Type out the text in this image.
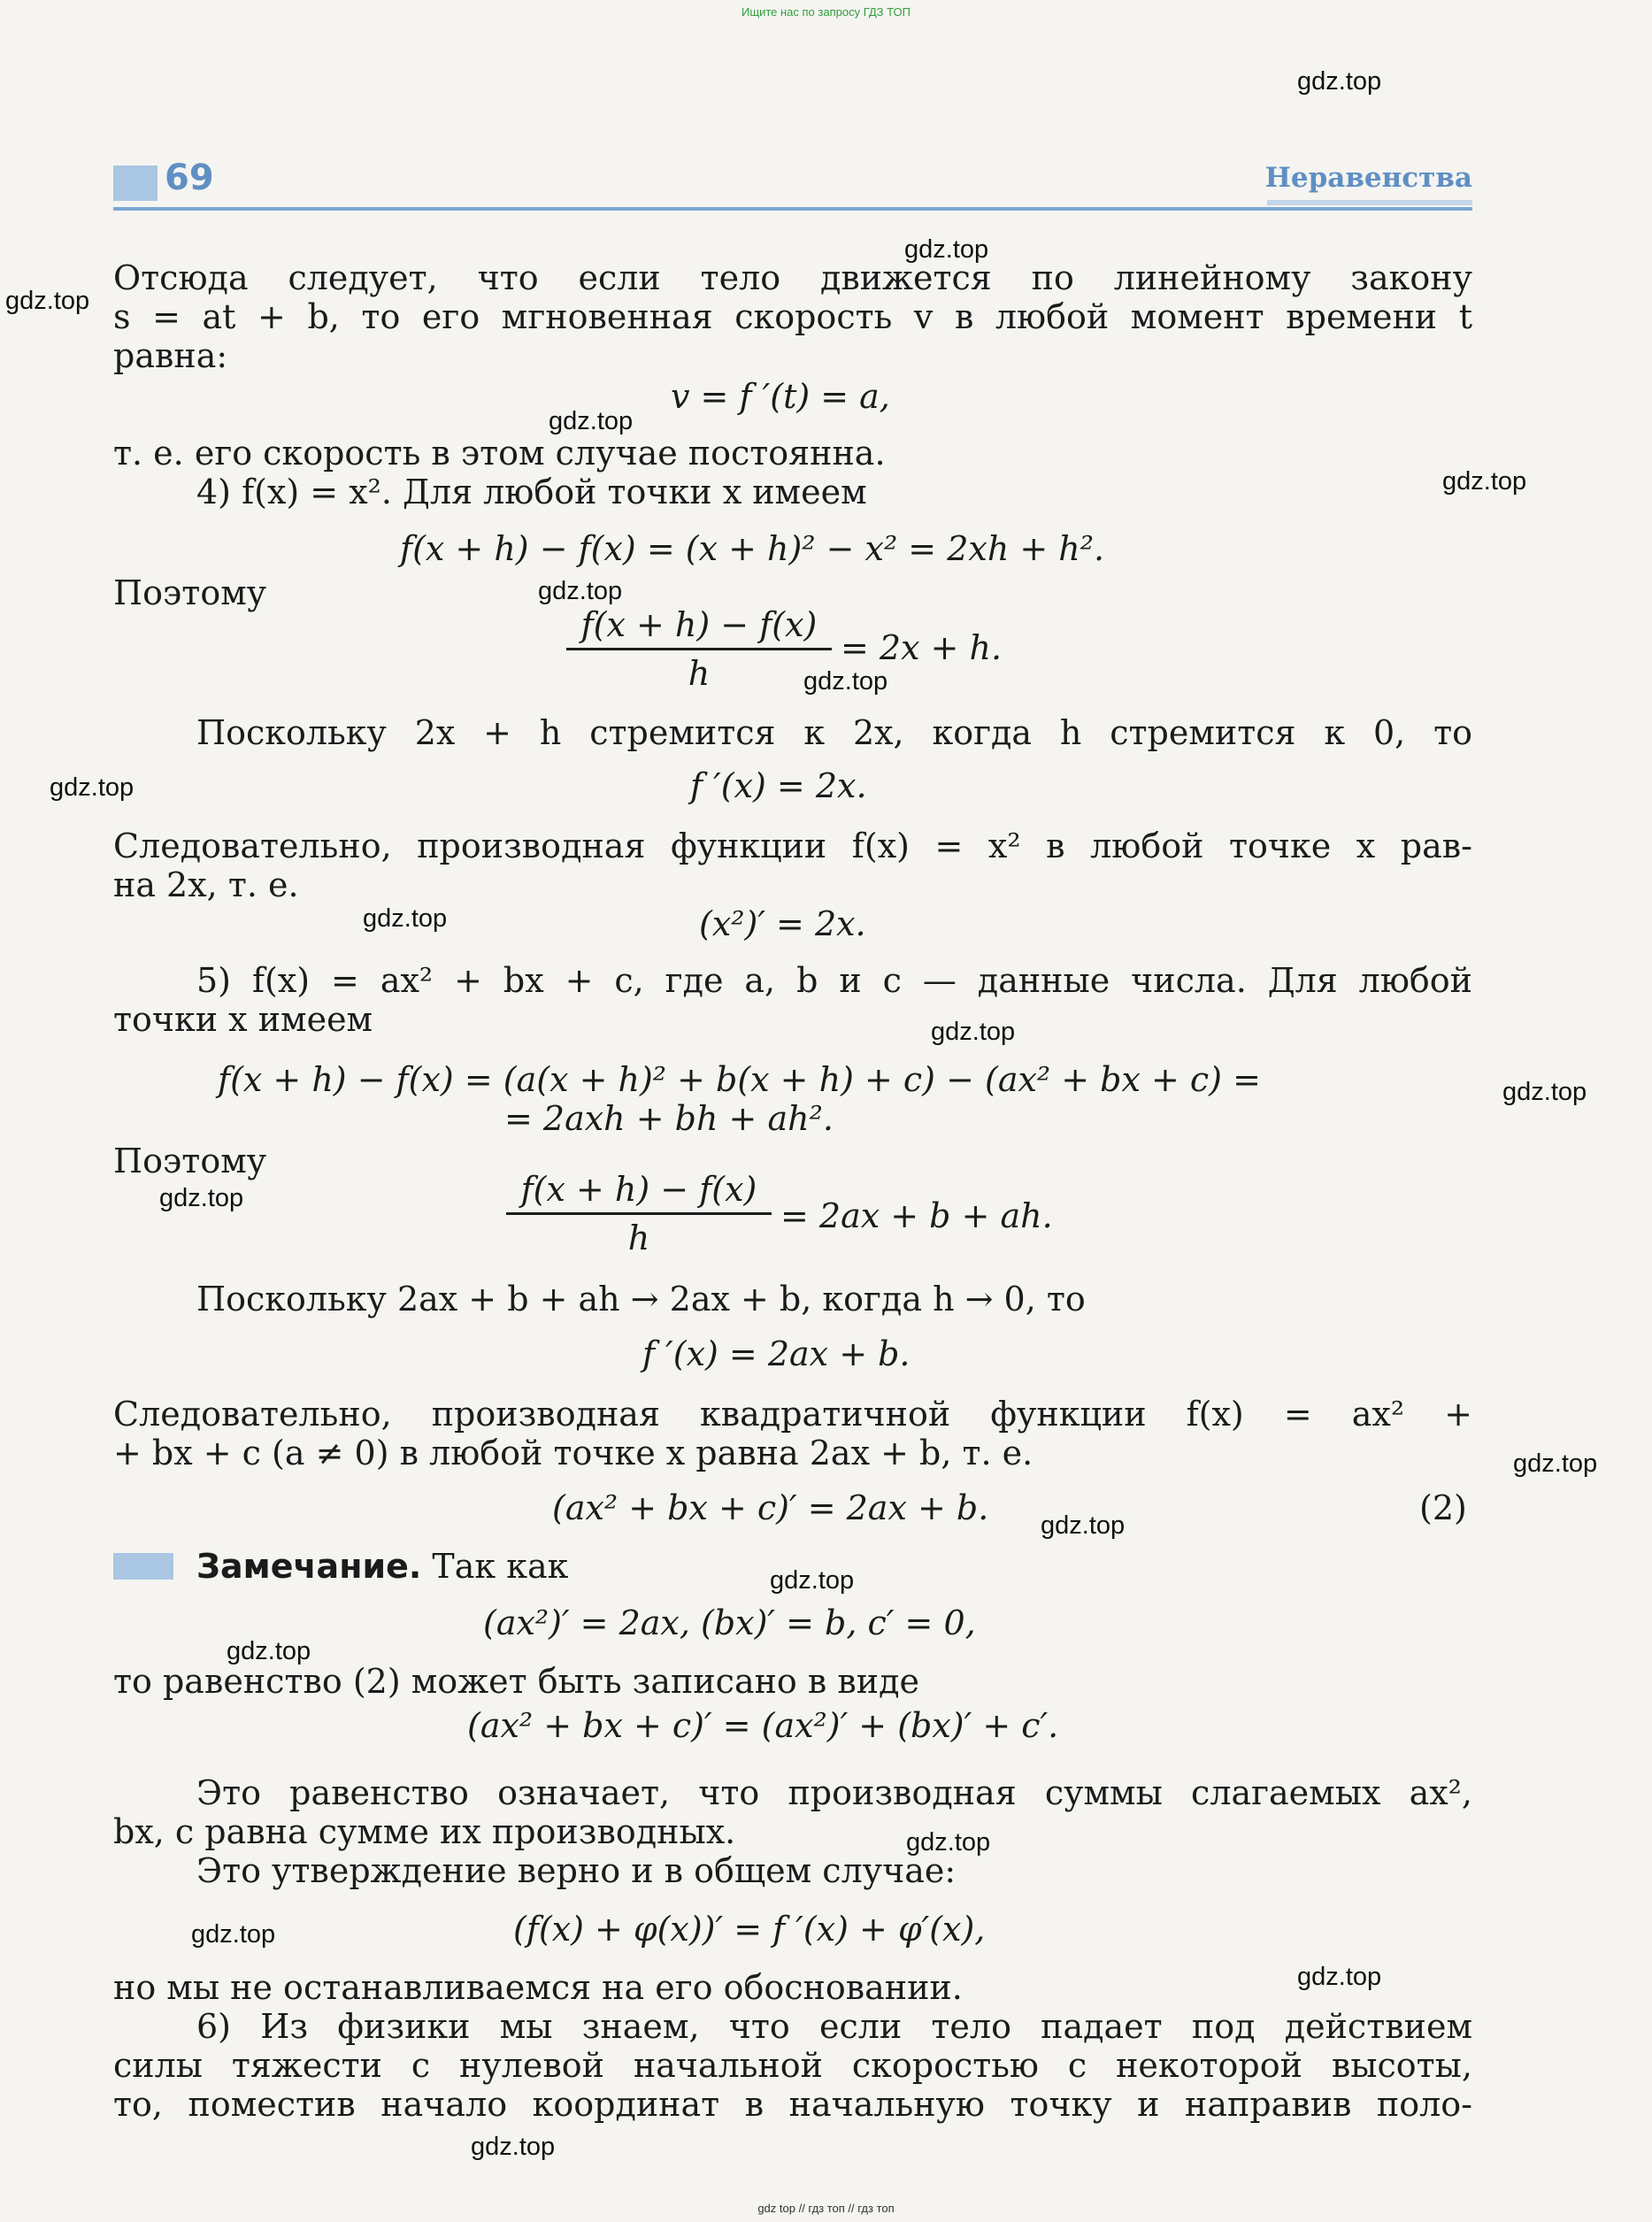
Ищите нас по запросу ГДЗ ТОП
69	Неравенства
Отсюда следует, что если тело движется по линейному закону
s = at + b, то его мгновенная скорость v в любой момент времени t
равна:
v = f ′(t) = a,
т. е. его скорость в этом случае постоянна.
4) f(x) = x². Для любой точки x имеем
f(x + h) − f(x) = (x + h)² − x² = 2xh + h².
Поэтому
f(x + h) − f(x)
h
= 2x + h.
Поскольку 2x + h стремится к 2x, когда h стремится к 0, то
f ′(x) = 2x.
Следовательно, производная функции f(x) = x² в любой точке x рав-
на 2x, т. е.
(x²)′ = 2x.
5) f(x) = ax² + bx + c, где a, b и c — данные числа. Для любой
точки x имеем
f(x + h) − f(x) = (a(x + h)² + b(x + h) + c) − (ax² + bx + c) =
= 2axh + bh + ah².
Поэтому
f(x + h) − f(x)
h
= 2ax + b + ah.
Поскольку 2ax + b + ah → 2ax + b, когда h → 0, то
f ′(x) = 2ax + b.
Следовательно, производная квадратичной функции f(x) = ax² +
+ bx + c (a ≠ 0) в любой точке x равна 2ax + b, т. е.
(ax² + bx + c)′ = 2ax + b.	(2)
Замечание. Так как
(ax²)′ = 2ax, (bx)′ = b, c′ = 0,
то равенство (2) может быть записано в виде
(ax² + bx + c)′ = (ax²)′ + (bx)′ + c′.
Это равенство означает, что производная суммы слагаемых ax²,
bx, c равна сумме их производных.
Это утверждение верно и в общем случае:
(f(x) + φ(x))′ = f ′(x) + φ′(x),
но мы не останавливаемся на его обосновании.
6) Из физики мы знаем, что если тело падает под действием
силы тяжести с нулевой начальной скоростью с некоторой высоты,
то, поместив начало координат в начальную точку и направив поло-
gdz.top
gdz.top
gdz.top
gdz.top
gdz.top
gdz.top
gdz.top
gdz.top
gdz.top
gdz.top
gdz.top
gdz.top
gdz.top
gdz.top
gdz.top
gdz.top
gdz.top
gdz.top
gdz.top
gdz.top
gdz top // гдз топ // гдз топ
